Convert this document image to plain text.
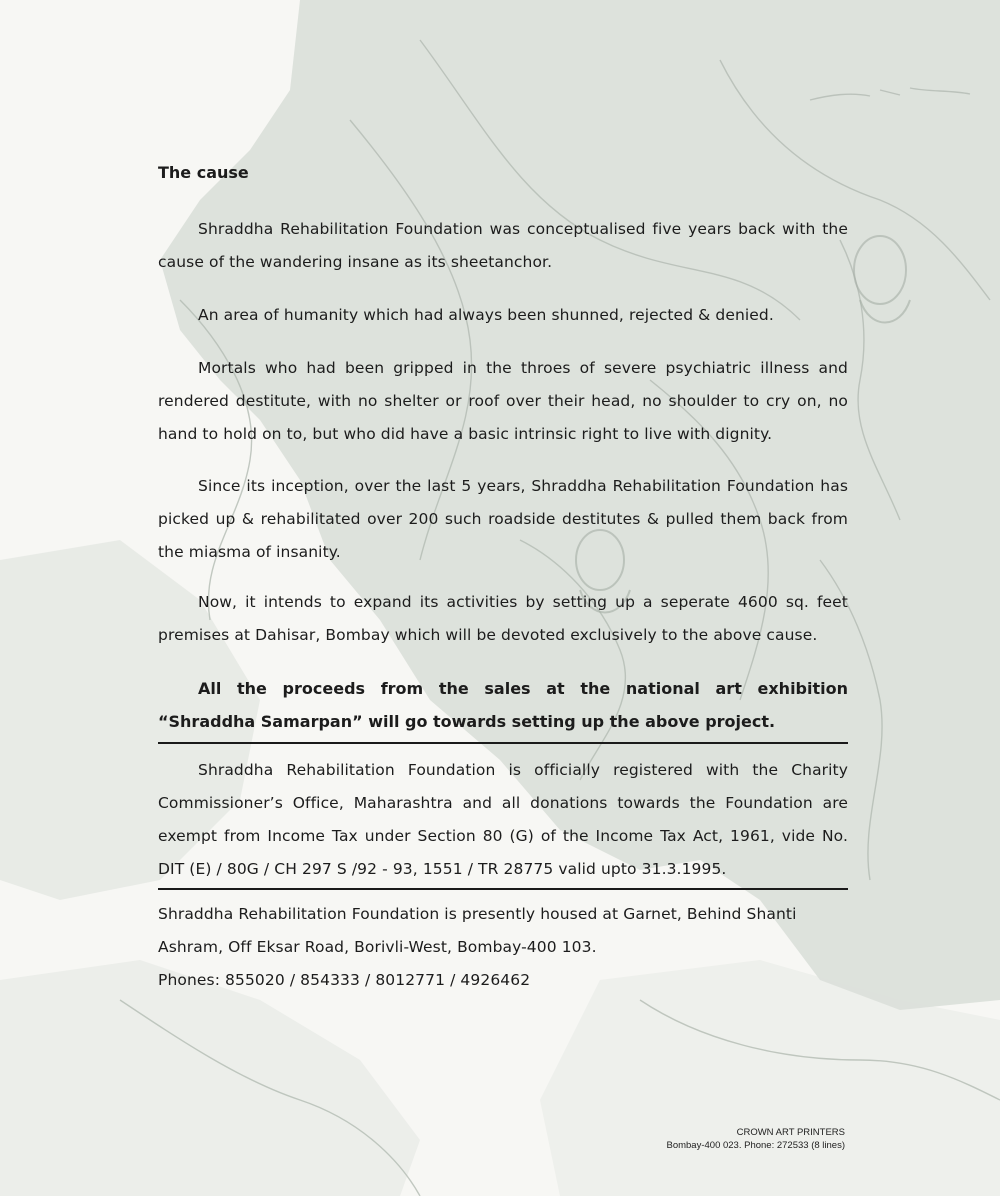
The cause

Shraddha Rehabilitation Foundation was conceptualised five years back with the cause of the wandering insane as its sheetanchor.

An area of humanity which had always been shunned, rejected & denied.

Mortals who had been gripped in the throes of severe psychiatric illness and rendered destitute, with no shelter or roof over their head, no shoulder to cry on, no hand to hold on to, but who did have a basic intrinsic right to live with dignity.

Since its inception, over the last 5 years, Shraddha Rehabilitation Foundation has picked up & rehabilitated over 200 such roadside destitutes & pulled them back from the miasma of insanity.

Now, it intends to expand its activities by setting up a seperate 4600 sq. feet premises at Dahisar, Bombay which will be devoted exclusively to the above cause.

All the proceeds from the sales at the national art exhibition “Shraddha Samarpan” will go towards setting up the above project.

Shraddha Rehabilitation Foundation is officially registered with the Charity Commissioner’s Office, Maharashtra and all donations towards the Foundation are exempt from Income Tax under Section 80 (G) of the Income Tax Act, 1961, vide No. DIT (E) / 80G / CH 297 S /92 - 93, 1551 / TR 28775 valid upto 31.3.1995.

Shraddha Rehabilitation Foundation is presently housed at Garnet, Behind Shanti

Ashram, Off Eksar Road, Borivli-West, Bombay-400 103.

Phones: 855020 / 854333 / 8012771 / 4926462

CROWN ART PRINTERS
Bombay-400 023. Phone: 272533 (8 lines)
